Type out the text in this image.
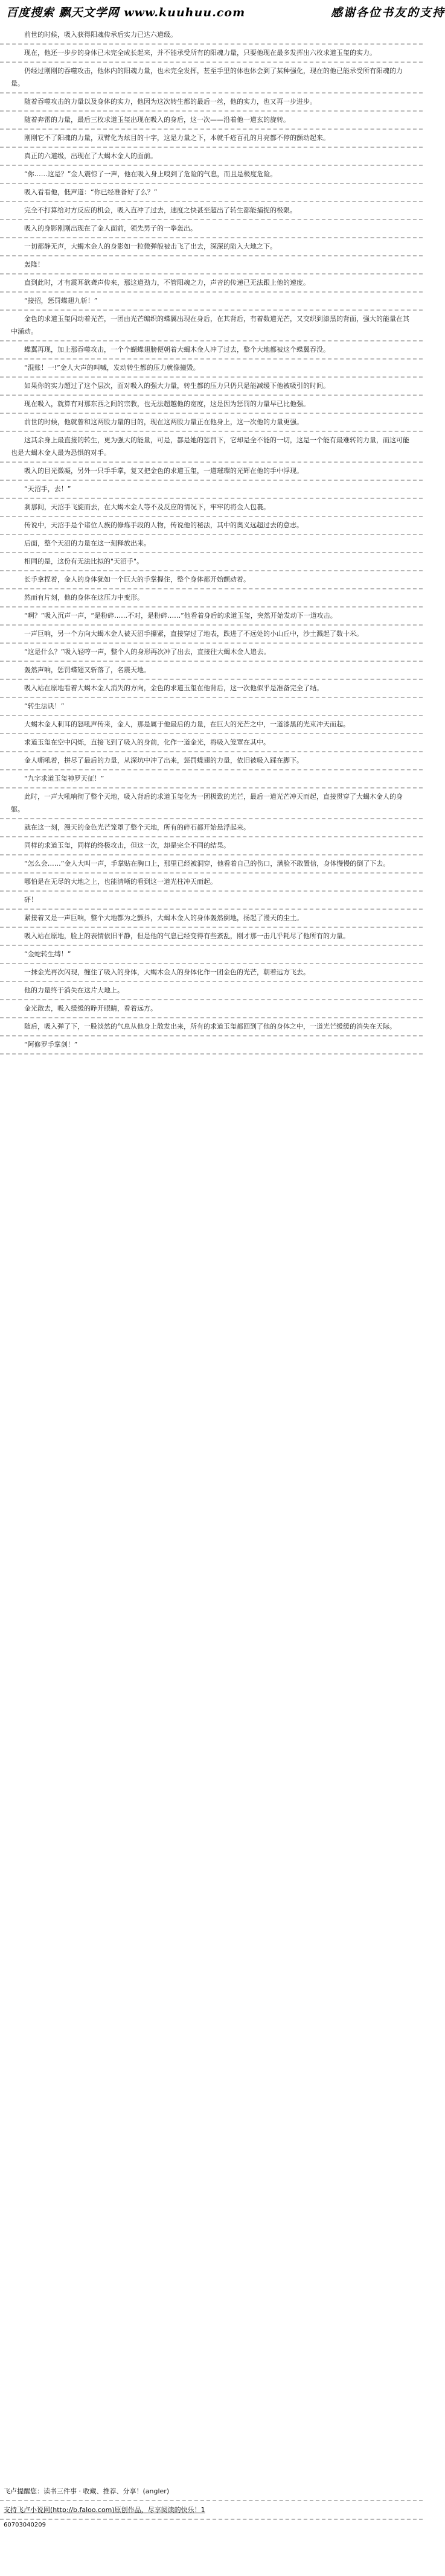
百度搜索 飘天文学网 www.kuuhuu.com	感谢各位书友的支持
前世的时候，吸入获得阳魂传承后实力已达六道级。
现在，他还一步步的身体已未完全成长起来，并不能承受所有的阳魂力量，只要他现在最多发挥出六枚求道玉玺的实力。
仍经过刚刚的吞噬攻击，他体内的阳魂力量，也未完全发挥，甚至手里的体也体会到了某种强化，现在的他已能承受所有阳魂的力量。
随着吞噬攻击的力量以及身体的实力，他因为这次转生都的最后一丝，他的实力，也又再一步进步。
随着奔雷的力量，最后三枚求道玉玺出现在吸入的身后，这一次——沿着他一道玄的旋转。
刚刚它不了阳魂的力量，双臂化为炫目的十字，这是力量之下，本就千疮百孔的月亮都不停的颤动起来。
真正的六道级，出现在了大蝎木金人的面前。
“你……这是？”金人震惊了一声，他在吸入身上嗅到了危险的气息，而且是极度危险。
吸入看看他，低声道：“你已经准备好了么？”
完全不打算给对方反应的机会，吸入直冲了过去，速度之快甚至超出了转生都能捕捉的极限。
吸入的身影刚刚出现在了金人面前，领先男子的一拳轰出。
一切都静无声，大蝎木金人的身影如一粒微弹般被击飞了出去，深深的陷入大地之下。
轰隆！
直到此时，才有震耳欲聋声传来，那这道劲力，不管阳魂之力，声音的传递已无法跟上他的速度。
“接招，惩罚蝶翅九斩！”
金色的求道玉玺闪动着光芒，一团由光芒编织的蝶翼出现在身后，在其背后，有着数道光芒，又交织到漆黑的背面，强大的能量在其中涌动。
蝶翼再现，加上那吞噬攻击，一个个蝴蝶翅膀便朝着大蝎木金人冲了过去，整个大地都被这个蝶翼吞没。
“混账！一!”金人大声的叫喊，发动转生都的压力就像撞毁。
如果你的实力超过了这个层次，面对吸入的强大力量，转生都的压力只仍只是能减缓下他被吸引的时间。
现在吸入，就算有对那东西之间的宗教，也无法超越他的宽度，这是因为惩罚的力量早已比他强。
前世的时候，他就曾和这两股力量的目的，现在这两股力量正在他身上，这一次他的力量更强。
这其余身上最直接的转生，更为强大的能量，可是，都是她的惩罚下，它却是全不能的一切，这是一个能有最难转的力量，而这可能也是大蝎木金人最为恐惧的对手。
吸入的目光微凝，另外一只手手掌，复又把金色的求道玉玺，一道璀璨的光辉在他的手中浮现。
“天沼手，去！”
刹那间，天沼手飞旋而去，在大蝎木金人等不及反应的情况下，牢牢的将金人包裹。
传说中，天沼手是个诸位人族的修炼手段的人物，传说他的秘法，其中的奥义远超过去的意志。
后面，整个天沼的力量在这一刻释放出来。
相同的是，这份有无法比拟的"天沼手"。
长手拿捏着，金人的身体犹如一个巨大的手掌握住，整个身体都开始颤动着。
然而有片刻，他的身体在这压力中变形。
“啊？”吸入沉声一声，“是粉碎……不对，是粉碎……”他看着身后的求道玉玺，突然开始发动下一道攻击。
一声巨响，另一个方向大蝎木金人被天沼手攥紧，直接穿过了地表，跌进了不远处的小山丘中，沙土溅起了数十米。
“这是什么？”吸入轻哼一声，整个人的身形再次冲了出去，直接往大蝎木金人追去。
轰然声响，惩罚蝶翅又斩落了，名震天地。
吸入站在原地看着大蝎木金人消失的方向，金色的求道玉玺在他背后，这一次他似乎是准备完全了结。
“转生法诀！”
大蝎木金人刺耳的怒吼声传来，金人，那是属于他最后的力量，在巨大的光芒之中，一道漆黑的光束冲天而起。
求道玉玺在空中闪烁，直接飞到了吸入的身前，化作一道金光，将吸入笼罩在其中。
金人嘶吼着，拼尽了最后的力量，从深坑中冲了出来，惩罚蝶翅的力量，依旧被吸入踩在脚下。
“九字求道玉玺神罗天征！”
此时，一声大吼响彻了整个天地，吸入背后的求道玉玺化为一团极致的光芒，最后一道光芒冲天而起，直接贯穿了大蝎木金人的身躯。
就在这一刻，漫天的金色光芒笼罩了整个天地，所有的碎石都开始悬浮起来。
同样的求道玉玺，同样的终极攻击，但这一次，却是完全不同的结果。
“怎么会……”金人大叫一声，手掌贴在胸口上，那里已经被洞穿，他看着自己的伤口，满脸不敢置信，身体慢慢的倒了下去。
哪怕是在无尽的大地之上，也能清晰的看到这一道光柱冲天而起。
砰！
紧接着又是一声巨响，整个大地都为之颤抖，大蝎木金人的身体轰然倒地，扬起了漫天的尘土。
吸入站在原地，脸上的表情依旧平静，但是他的气息已经变得有些紊乱，刚才那一击几乎耗尽了他所有的力量。
“金蛇转生缚！”
一抹金光再次闪现，缠住了吸入的身体，大蝎木金人的身体化作一团金色的光芒，朝着远方飞去。
他的力量终于消失在这片大地上。
金光散去，吸入缓缓的睁开眼睛，看着远方。
随后，吸入弹了下，一股淡然的气息从他身上散发出来，所有的求道玉玺都回到了他的身体之中，一道光芒缓缓的消失在天际。
“阿修罗手掌剑！”
飞卢提醒您：读书三件事 · 收藏、推荐、分享！(angler)
支持飞卢小说网(http://b.faloo.com)原创作品，尽享阅读的快乐！1
60703040209
